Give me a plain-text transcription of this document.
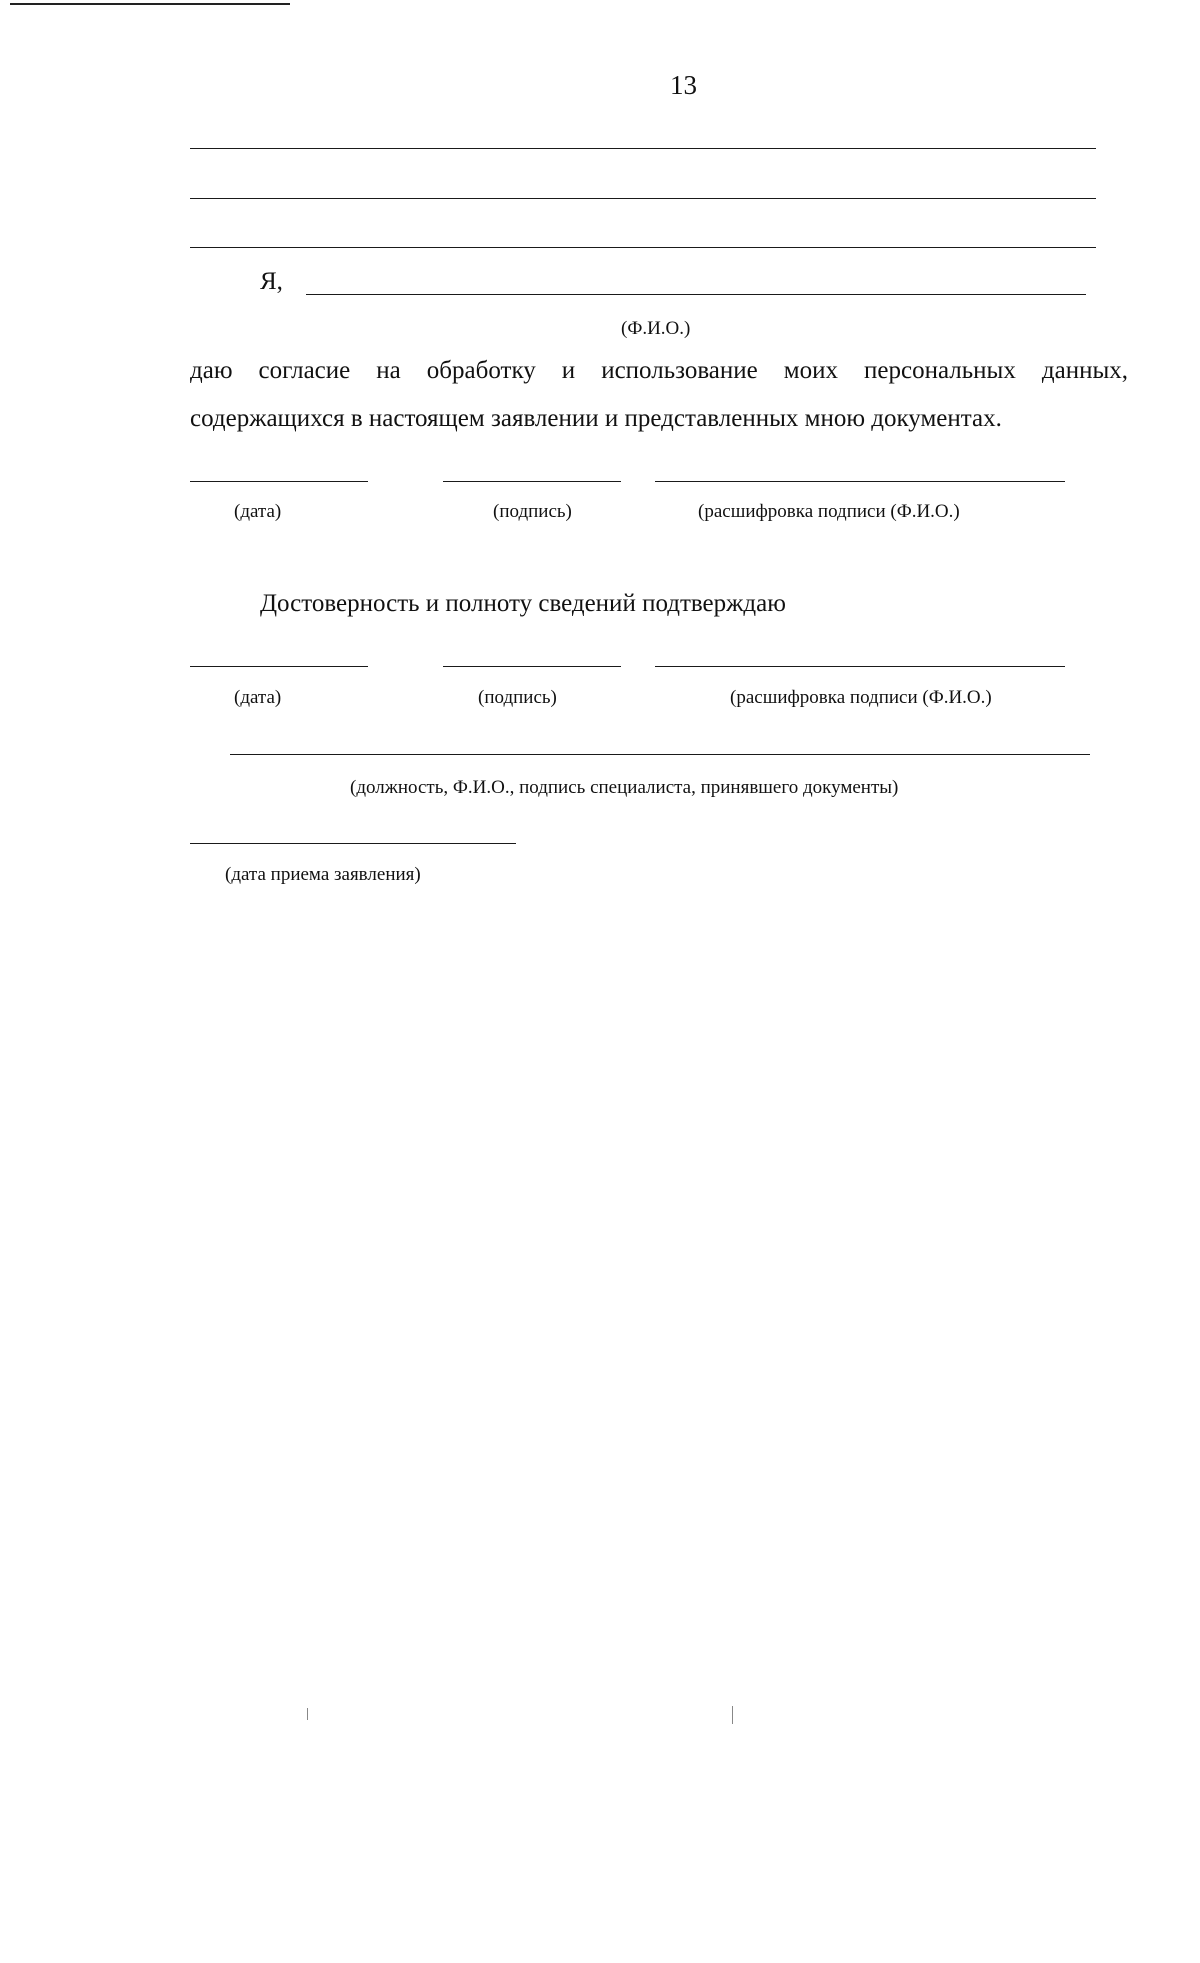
13
Я,
(Ф.И.О.)
даю согласие на обработку и использование моих персональных данных,
содержащихся в настоящем заявлении и представленных мною документах.
(дата)	(подпись)	(расшифровка подписи (Ф.И.О.)
Достоверность и полноту сведений подтверждаю
(дата)	(подпись)	(расшифровка подписи (Ф.И.О.)
(должность, Ф.И.О., подпись специалиста, принявшего документы)
(дата приема заявления)
